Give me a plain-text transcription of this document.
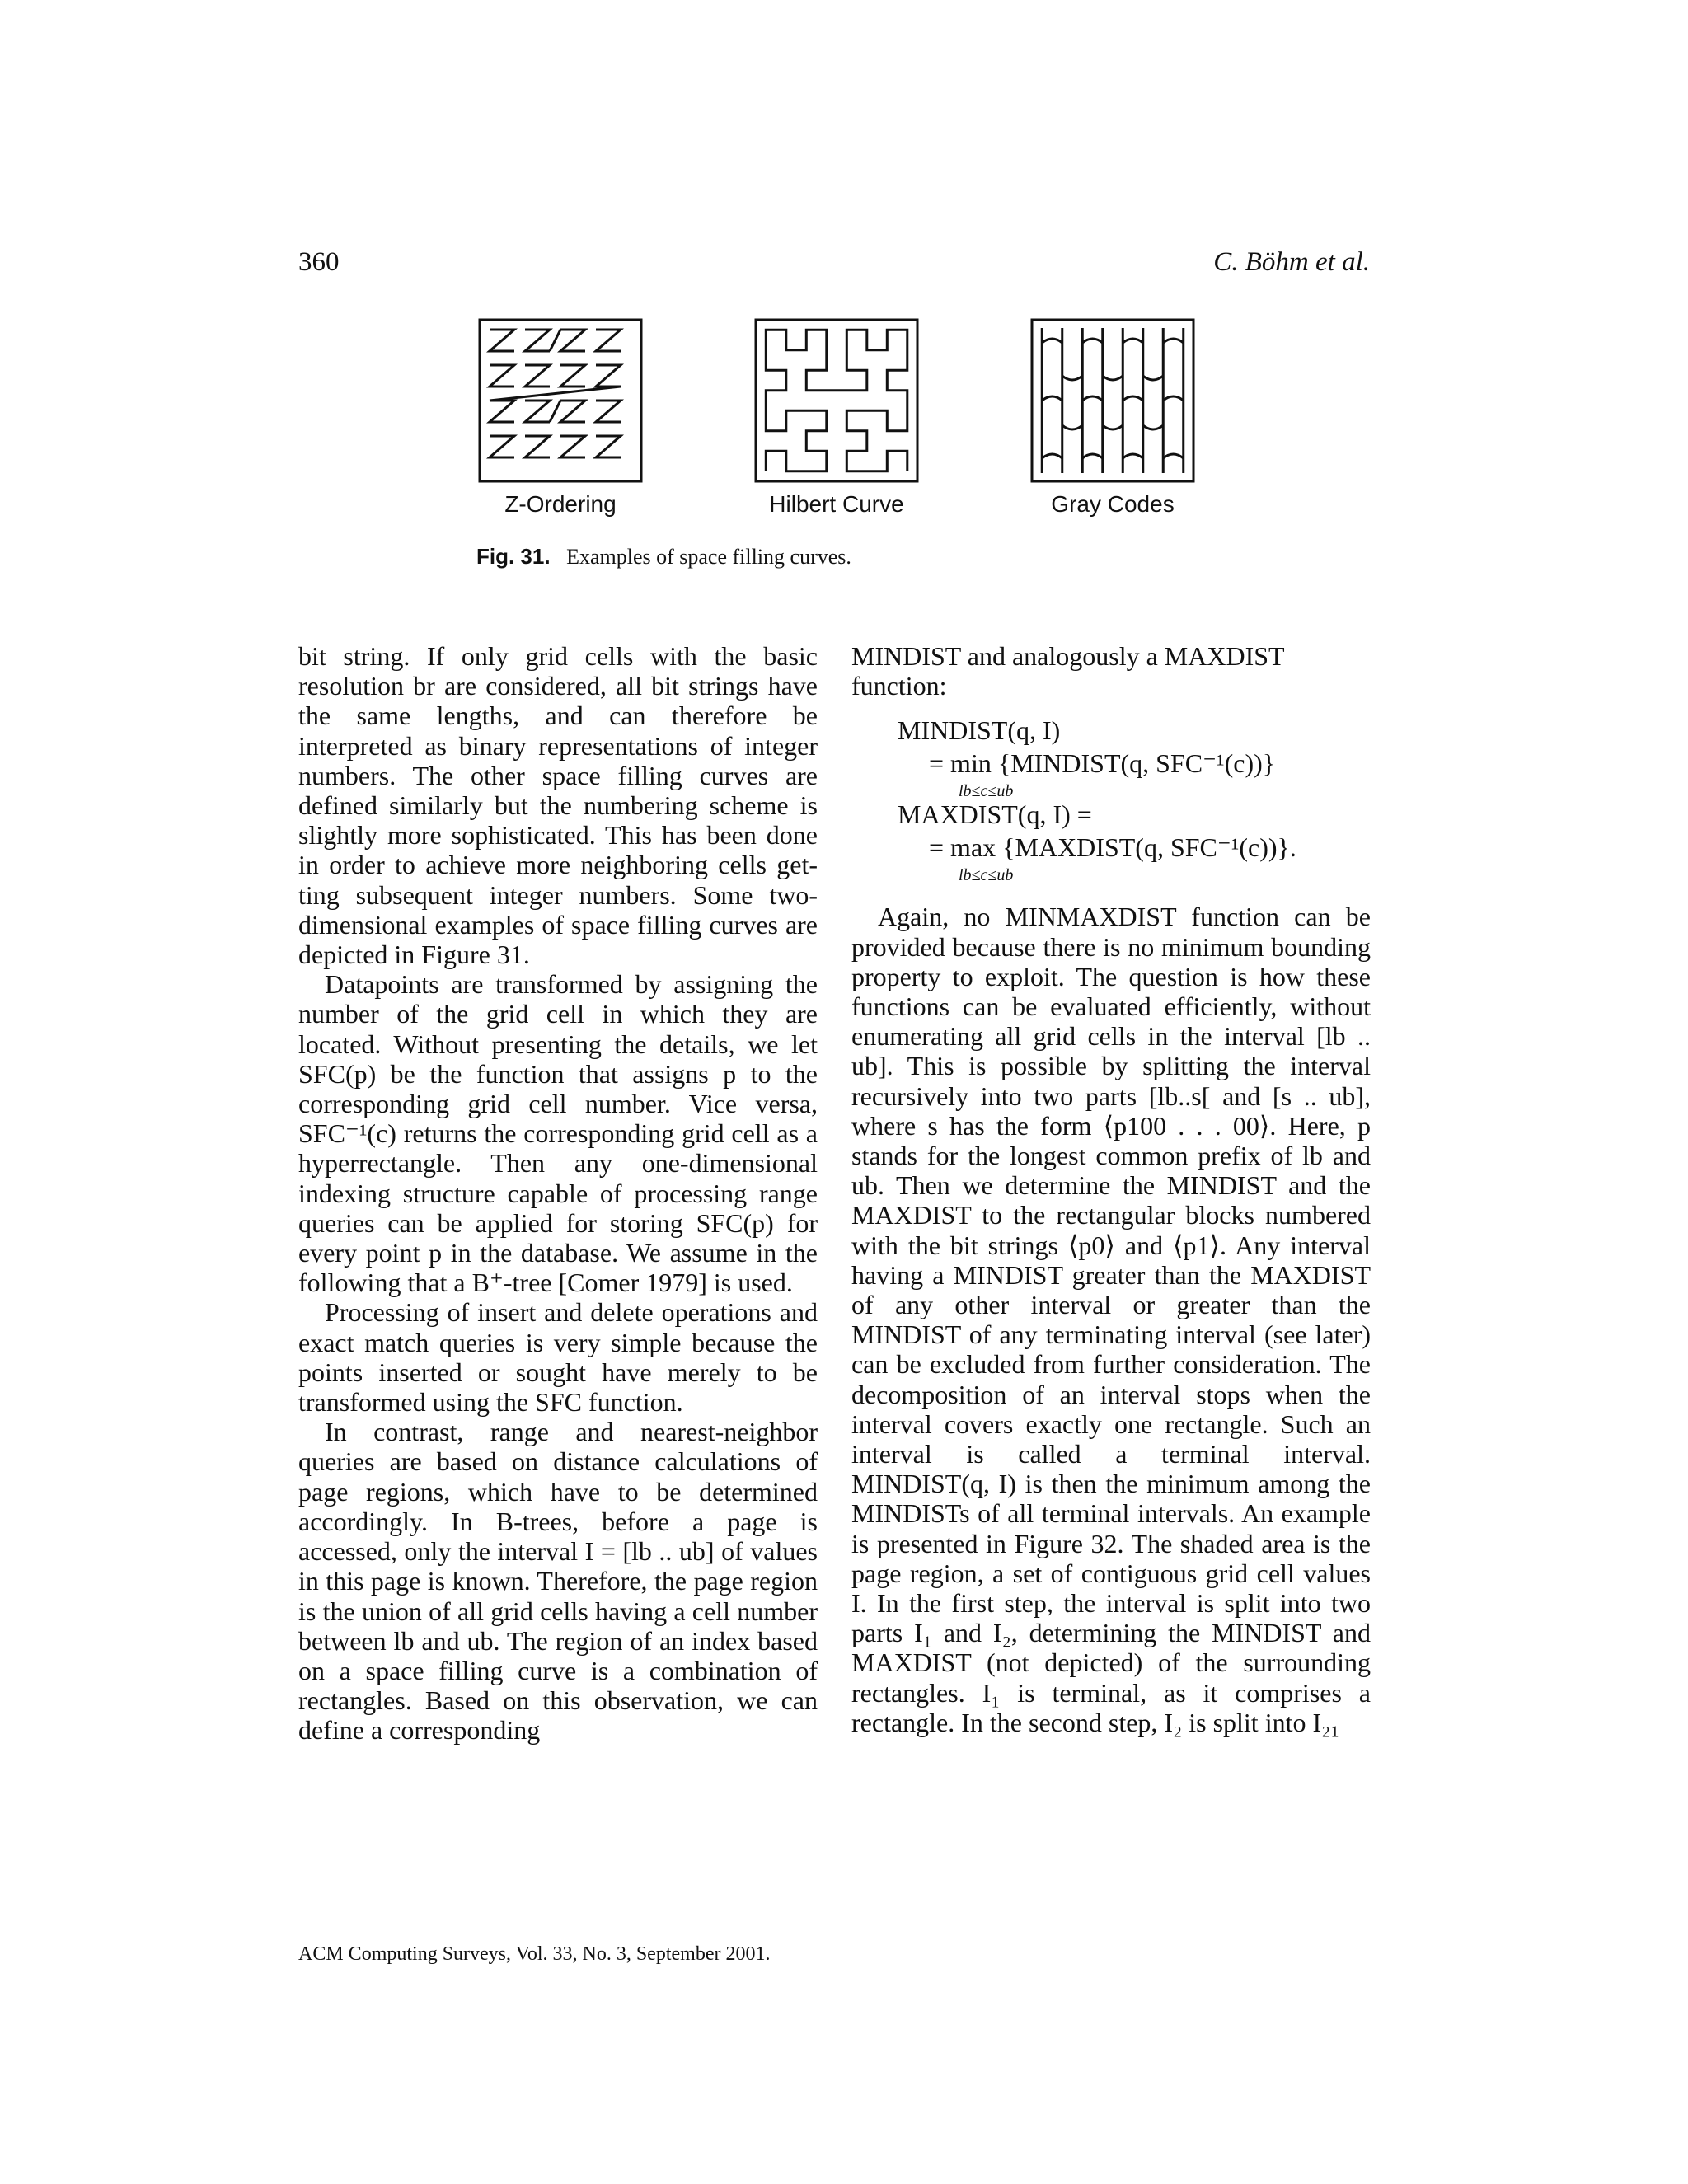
360	C. Böhm et al.
Z-Ordering	Hilbert Curve	Gray Codes
Fig. 31. Examples of space filling curves.

bit string. If only grid cells with the basic resolution br are considered, all bit strings have the same lengths, and can therefore be interpreted as binary representations of integer numbers. The other space filling curves are defined similarly but the numbering scheme is slightly more sophisticated. This has been done in order to achieve more neighboring cells getting subsequent integer numbers. Some two-dimensional examples of space filling curves are depicted in Figure 31.

Datapoints are transformed by assigning the number of the grid cell in which they are located. Without presenting the details, we let SFC(p) be the function that assigns p to the corresponding grid cell number. Vice versa, SFC⁻¹(c) returns the corresponding grid cell as a hyperrectangle. Then any one-dimensional indexing structure capable of processing range queries can be applied for storing SFC(p) for every point p in the database. We assume in the following that a B⁺-tree [Comer 1979] is used.

Processing of insert and delete operations and exact match queries is very simple because the points inserted or sought have merely to be transformed using the SFC function.

In contrast, range and nearest-neighbor queries are based on distance calculations of page regions, which have to be determined accordingly. In B-trees, before a page is accessed, only the interval I = [lb .. ub] of values in this page is known. Therefore, the page region is the union of all grid cells having a cell number between lb and ub. The region of an index based on a space filling curve is a combination of rectangles. Based on this observation, we can define a corresponding

MINDIST and analogously a MAXDIST function:

MINDIST(q, I)
= min {MINDIST(q, SFC⁻¹(c))}
lb≤c≤ub
MAXDIST(q, I) =
= max {MAXDIST(q, SFC⁻¹(c))}.
lb≤c≤ub

Again, no MINMAXDIST function can be provided because there is no minimum bounding property to exploit. The question is how these functions can be evaluated efficiently, without enumerating all grid cells in the interval [lb .. ub]. This is possible by splitting the interval recursively into two parts [lb..s[ and [s .. ub], where s has the form ⟨p100 . . . 00⟩. Here, p stands for the longest common prefix of lb and ub. Then we determine the MINDIST and the MAXDIST to the rectangular blocks numbered with the bit strings ⟨p0⟩ and ⟨p1⟩. Any interval having a MINDIST greater than the MAXDIST of any other interval or greater than the MINDIST of any terminating interval (see later) can be excluded from further consideration. The decomposition of an interval stops when the interval covers exactly one rectangle. Such an interval is called a terminal interval. MINDIST(q, I) is then the minimum among the MINDISTs of all terminal intervals. An example is presented in Figure 32. The shaded area is the page region, a set of contiguous grid cell values I. In the first step, the interval is split into two parts I₁ and I₂, determining the MINDIST and MAXDIST (not depicted) of the surrounding rectangles. I₁ is terminal, as it comprises a rectangle. In the second step, I₂ is split into I₂₁

ACM Computing Surveys, Vol. 33, No. 3, September 2001.
